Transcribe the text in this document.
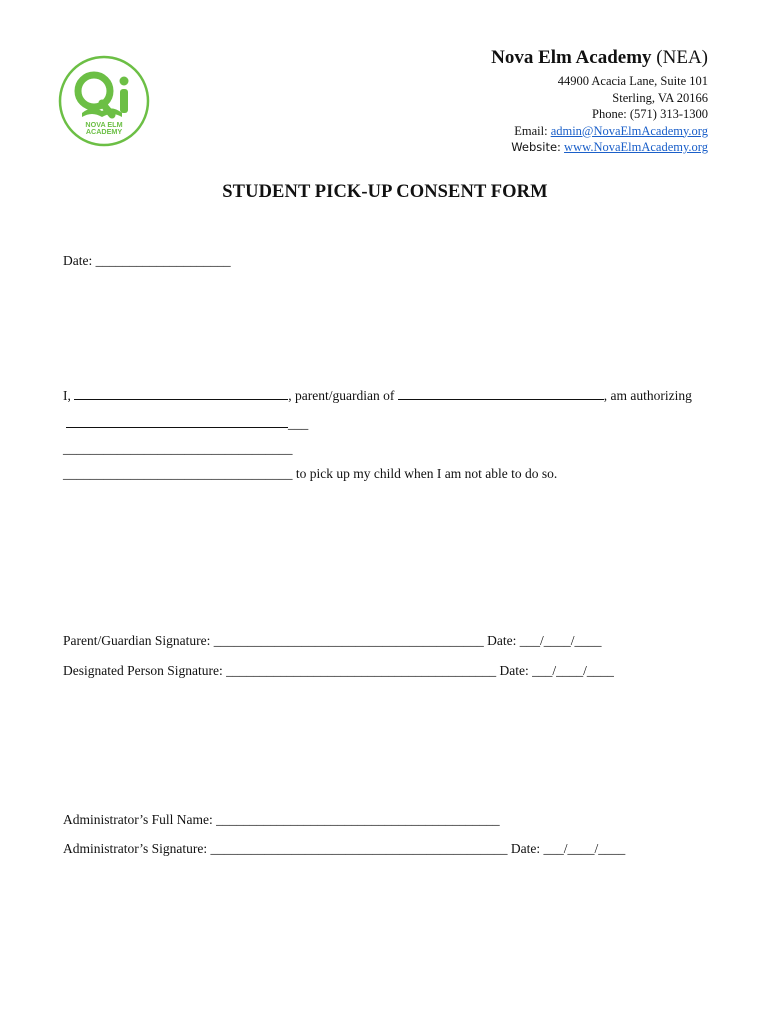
NOVA ELM
ACADEMY
Nova Elm Academy (NEA)
44900 Acacia Lane, Suite 101
Sterling, VA 20166
Phone: (571) 313-1300
Email: admin@NovaElmAcademy.org
Website: www.NovaElmAcademy.org
STUDENT PICK-UP CONSENT FORM
Date: ____________________
I,	, parent/guardian of	, am authorizing
___
__________________________________
__________________________________ to pick up my child when I am not able to do so.
Parent/Guardian Signature: ________________________________________ Date: ___/____/____
Designated Person Signature: ________________________________________ Date: ___/____/____
Administrator’s Full Name: __________________________________________
Administrator’s Signature: ____________________________________________ Date: ___/____/____
